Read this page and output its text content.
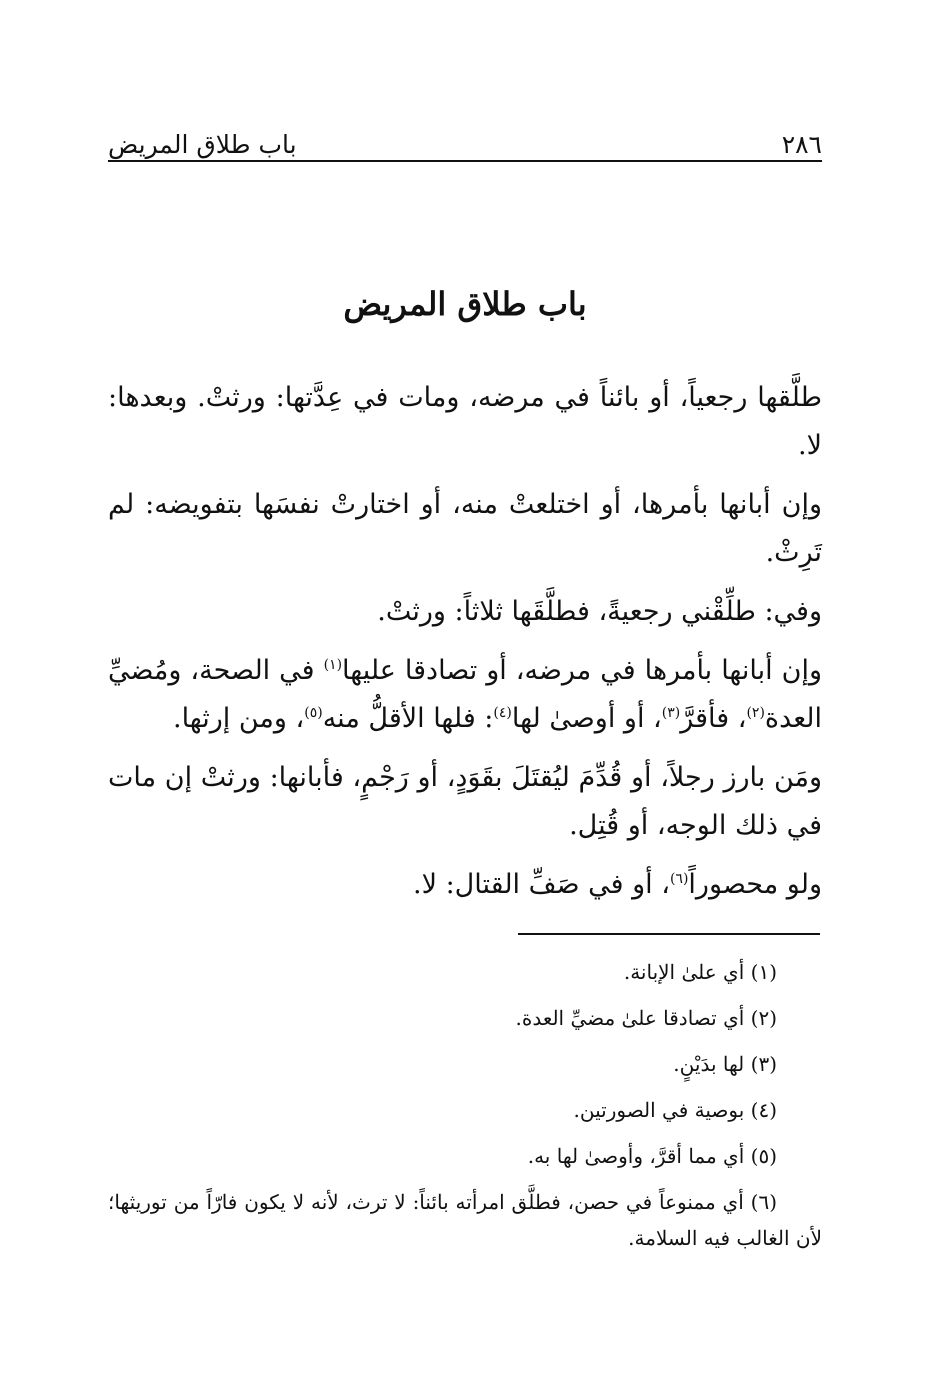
٢٨٦
باب طلاق المريض
باب طلاق المريض

طلَّقها رجعياً، أو بائناً في مرضه، ومات في عِدَّتها: ورثتْ. وبعدها: لا.

وإن أبانها بأمرها، أو اختلعتْ منه، أو اختارتْ نفسَها بتفويضه: لم تَرِثْ.

وفي: طلِّقْني رجعيةً، فطلَّقَها ثلاثاً: ورثتْ.

وإن أبانها بأمرها في مرضه، أو تصادقا عليها$^{(١)}$ في الصحة، ومُضيِّ العدة$^{(٢)}$، فأقرَّ$^{(٣)}$، أو أوصىٰ لها$^{(٤)}$: فلها الأقلُّ منه$^{(٥)}$، ومن إرثها.

ومَن بارز رجلاً، أو قُدِّمَ ليُقتَلَ بقَوَدٍ، أو رَجْمٍ، فأبانها: ورثتْ إن مات في ذلك الوجه، أو قُتِل.

ولو محصوراً$^{(٦)}$، أو في صَفِّ القتال: لا.

(١) أي علىٰ الإبانة.
(٢) أي تصادقا علىٰ مضيِّ العدة.
(٣) لها بدَيْنٍ.
(٤) بوصية في الصورتين.
(٥) أي مما أقرَّ، وأوصىٰ لها به.
(٦) أي ممنوعاً في حصن، فطلَّق امرأته بائناً: لا ترث، لأنه لا يكون فارّاً من توريثها؛ لأن الغالب فيه السلامة.
